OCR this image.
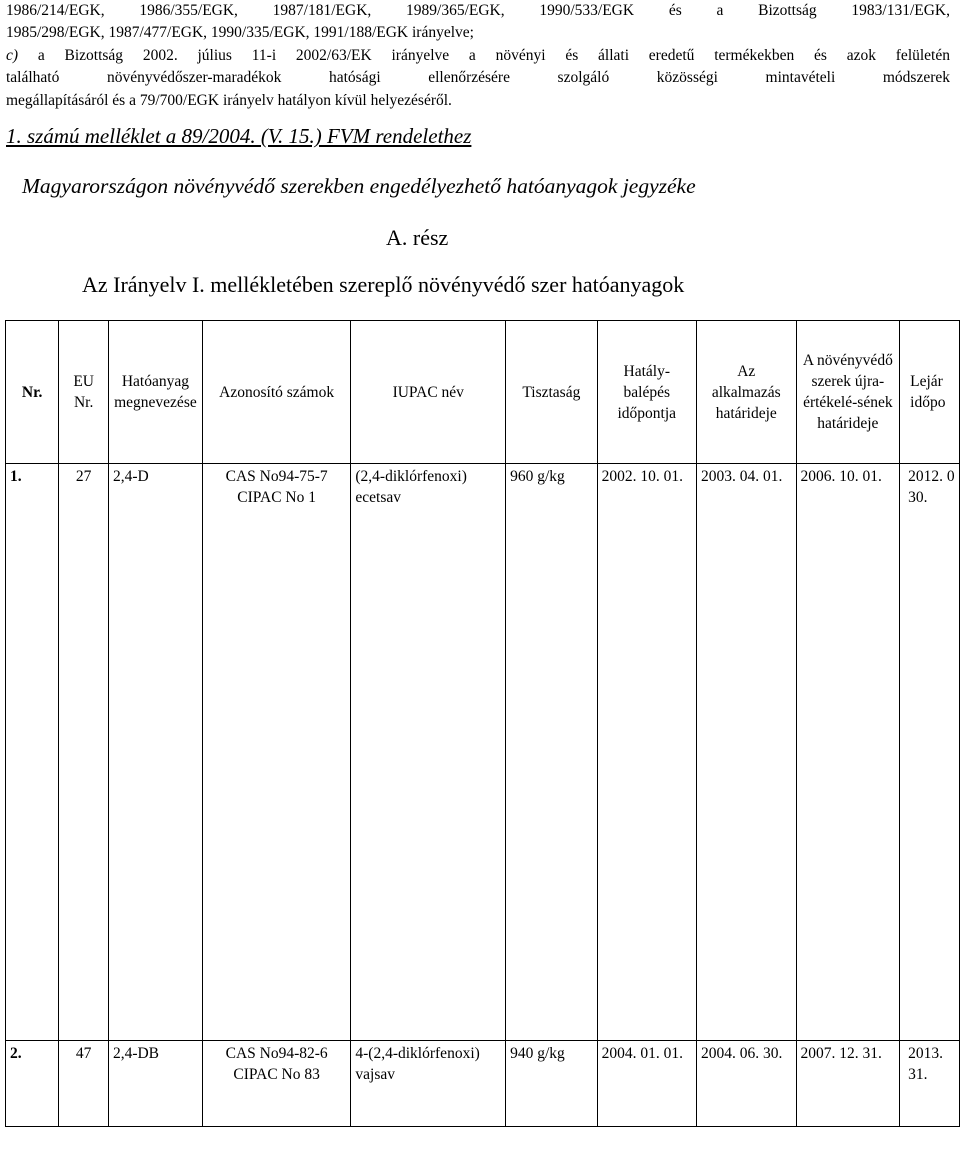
1986/214/EGK, 1986/355/EGK, 1987/181/EGK, 1989/365/EGK, 1990/533/EGK és a Bizottság 1983/131/EGK,
1985/298/EGK, 1987/477/EGK, 1990/335/EGK, 1991/188/EGK irányelve;
c) a Bizottság 2002. július 11-i 2002/63/EK irányelve a növényi és állati eredetű termékekben és azok felületén
található növényvédőszer-maradékok hatósági ellenőrzésére szolgáló közösségi mintavételi módszerek
megállapításáról és a 79/700/EGK irányelv hatályon kívül helyezéséről.
1. számú melléklet a 89/2004. (V. 15.) FVM rendelethez
Magyarországon növényvédő szerekben engedélyezhető hatóanyagok jegyzéke
A. rész
Az Irányelv I. mellékletében szereplő növényvédő szer hatóanyagok
Nr.	EU Nr.	Hatóanyag megnevezése	Azonosító számok	IUPAC név	Tisztaság	Hatály-balépés időpontja	Az alkalmazás határideje	A növényvédő szerek újra-értékelé-sének határideje	Lejár időpo

1.	27	2,4-D	CAS No94-75-7 CIPAC No 1	(2,4-diklórfenoxi) ecetsav	960 g/kg	2002. 10. 01.	2003. 04. 01.	2006. 10. 01.	2012. 0 30.

2.	47	2,4-DB	CAS No94-82-6 CIPAC No 83	4-(2,4-diklórfenoxi) vajsav	940 g/kg	2004. 01. 01.	2004. 06. 30.	2007. 12. 31.	2013. 31.
